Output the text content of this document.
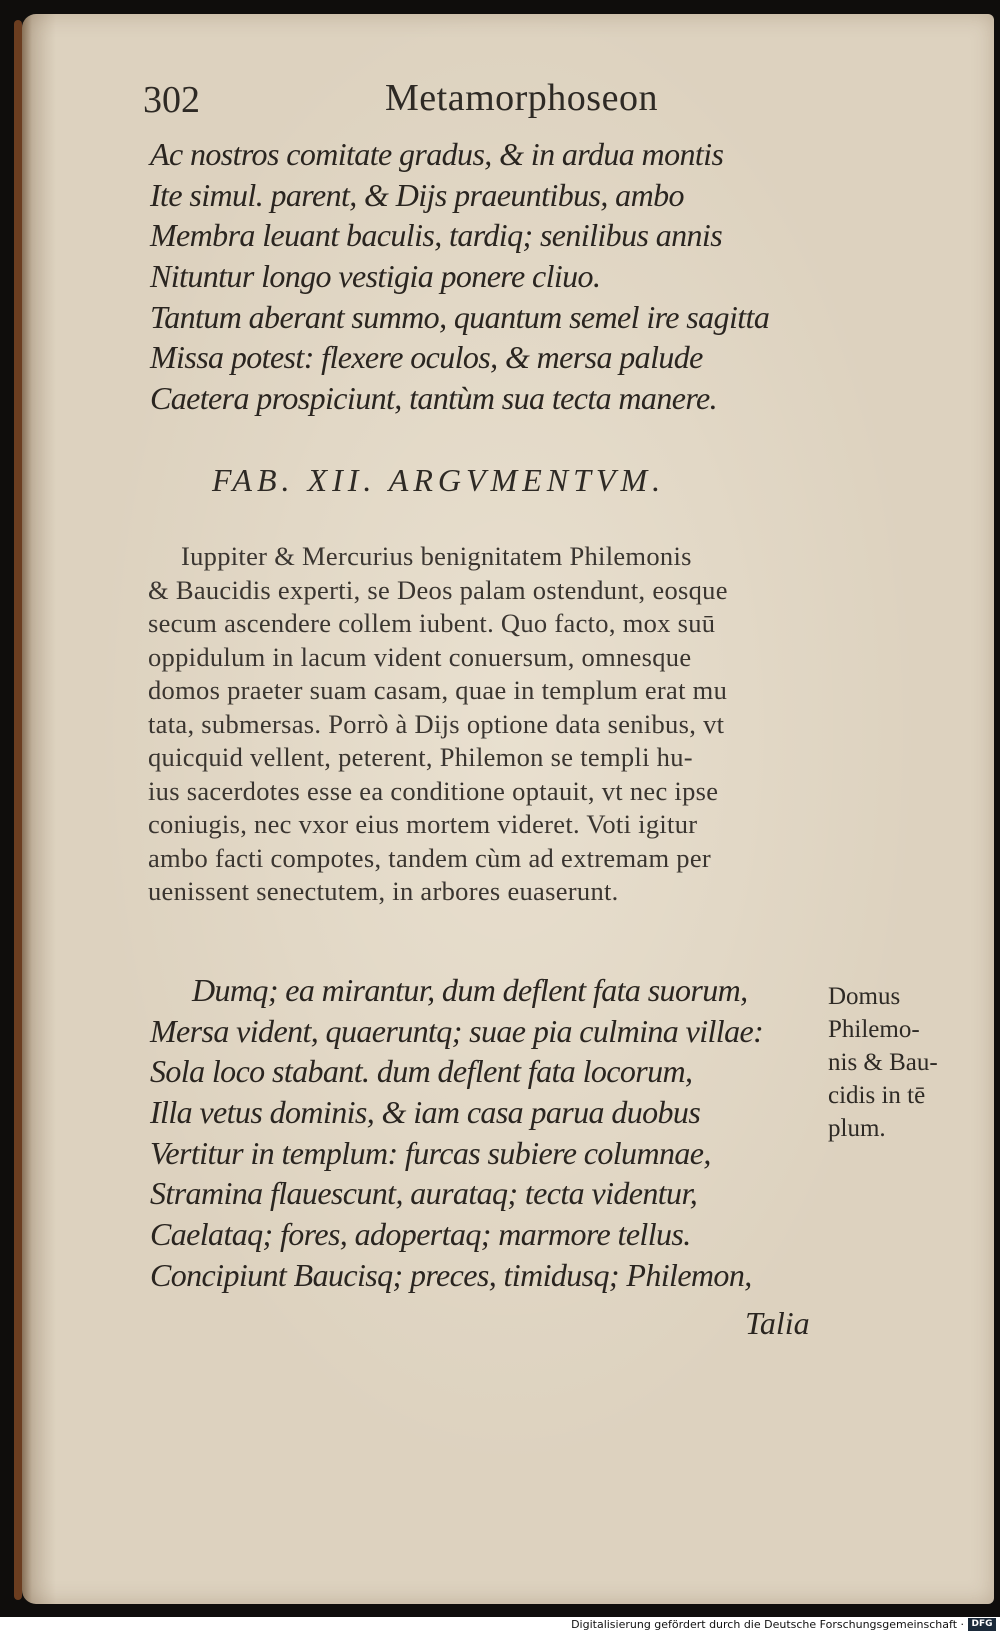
302	Metamorphoseon
Ac nostros comitate gradus, & in ardua montis
Ite simul. parent, & Dijs praeuntibus, ambo
Membra leuant baculis, tardiq; senilibus annis
Nituntur longo vestigia ponere cliuo.
Tantum aberant summo, quantum semel ire sagitta
Missa potest: flexere oculos, & mersa palude
Caetera prospiciunt, tantùm sua tecta manere.
FAB. XII. ARGVMENTVM.
Iuppiter & Mercurius benignitatem Philemonis
& Baucidis experti, se Deos palam ostendunt, eosque
secum ascendere collem iubent. Quo facto, mox suū
oppidulum in lacum vident conuersum, omnesque
domos praeter suam casam, quae in templum erat mu
tata, submersas. Porrò à Dijs optione data senibus, vt
quicquid vellent, peterent, Philemon se templi hu-
ius sacerdotes esse ea conditione optauit, vt nec ipse
coniugis, nec vxor eius mortem videret. Voti igitur
ambo facti compotes, tandem cùm ad extremam per
uenissent senectutem, in arbores euaserunt.
Dumq; ea mirantur, dum deflent fata suorum,
Mersa vident, quaeruntq; suae pia culmina villae:
Sola loco stabant. dum deflent fata locorum,
Illa vetus dominis, & iam casa parua duobus
Vertitur in templum: furcas subiere columnae,
Stramina flauescunt, aurataq; tecta videntur,
Caelataq; fores, adopertaq; marmore tellus.
Concipiunt Baucisq; preces, timidusq; Philemon,
Domus
Philemo-
nis & Bau-
cidis in tē
plum.
Talia
Digitalisierung gefördert durch die Deutsche Forschungsgemeinschaft · DFG
